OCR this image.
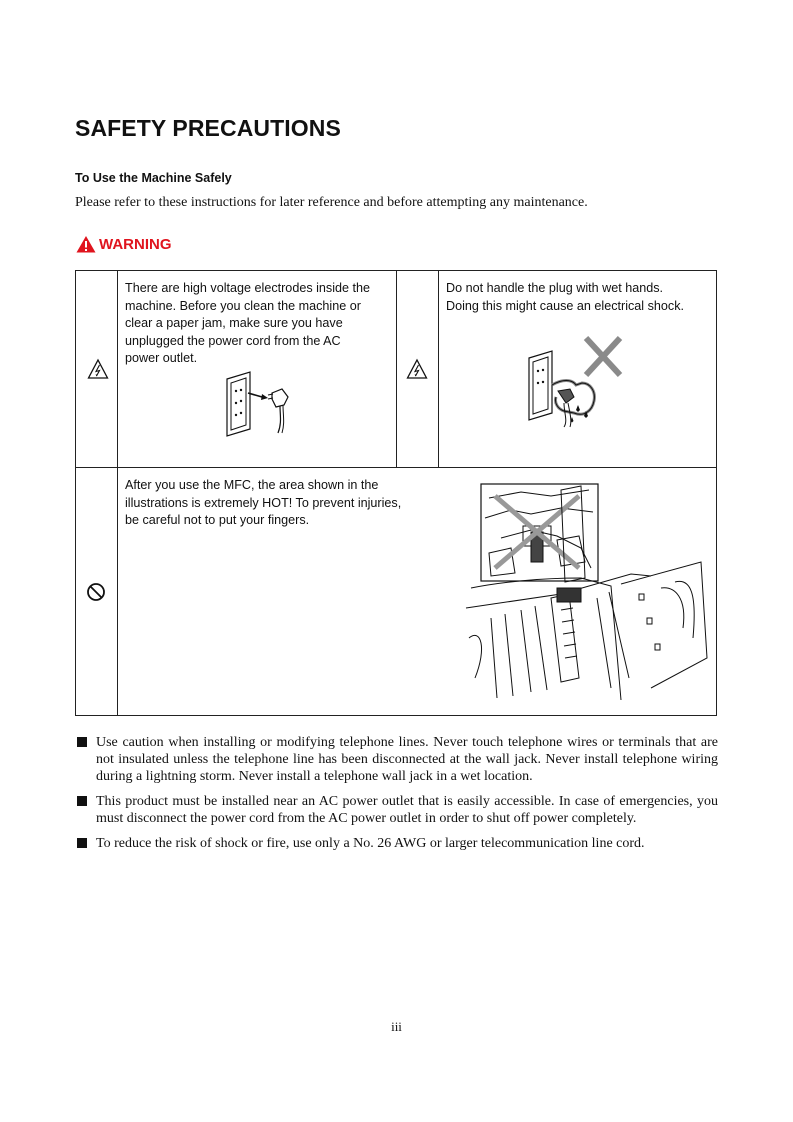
SAFETY PRECAUTIONS
To Use the Machine Safely
Please refer to these instructions for later reference and before attempting any maintenance.
WARNING
There are high voltage electrodes inside the
machine. Before you clean the machine or
clear a paper jam, make sure you have
unplugged the power cord from the AC
power outlet.
Do not handle the plug with wet hands.
Doing this might cause an electrical shock.
After you use the MFC, the area shown in the
illustrations is extremely HOT! To prevent injuries,
be careful not to put your fingers.
Use caution when installing or modifying telephone lines. Never touch telephone wires or terminals that are not insulated unless the telephone line has been disconnected at the wall jack. Never install telephone wiring during a lightning storm. Never install a telephone wall jack in a wet location.
This product must be installed near an AC power outlet that is easily accessible. In case of emergencies, you must disconnect the power cord from the AC power outlet in order to shut off power completely.
To reduce the risk of shock or fire, use only a No. 26 AWG or larger telecommunication line cord.
iii
